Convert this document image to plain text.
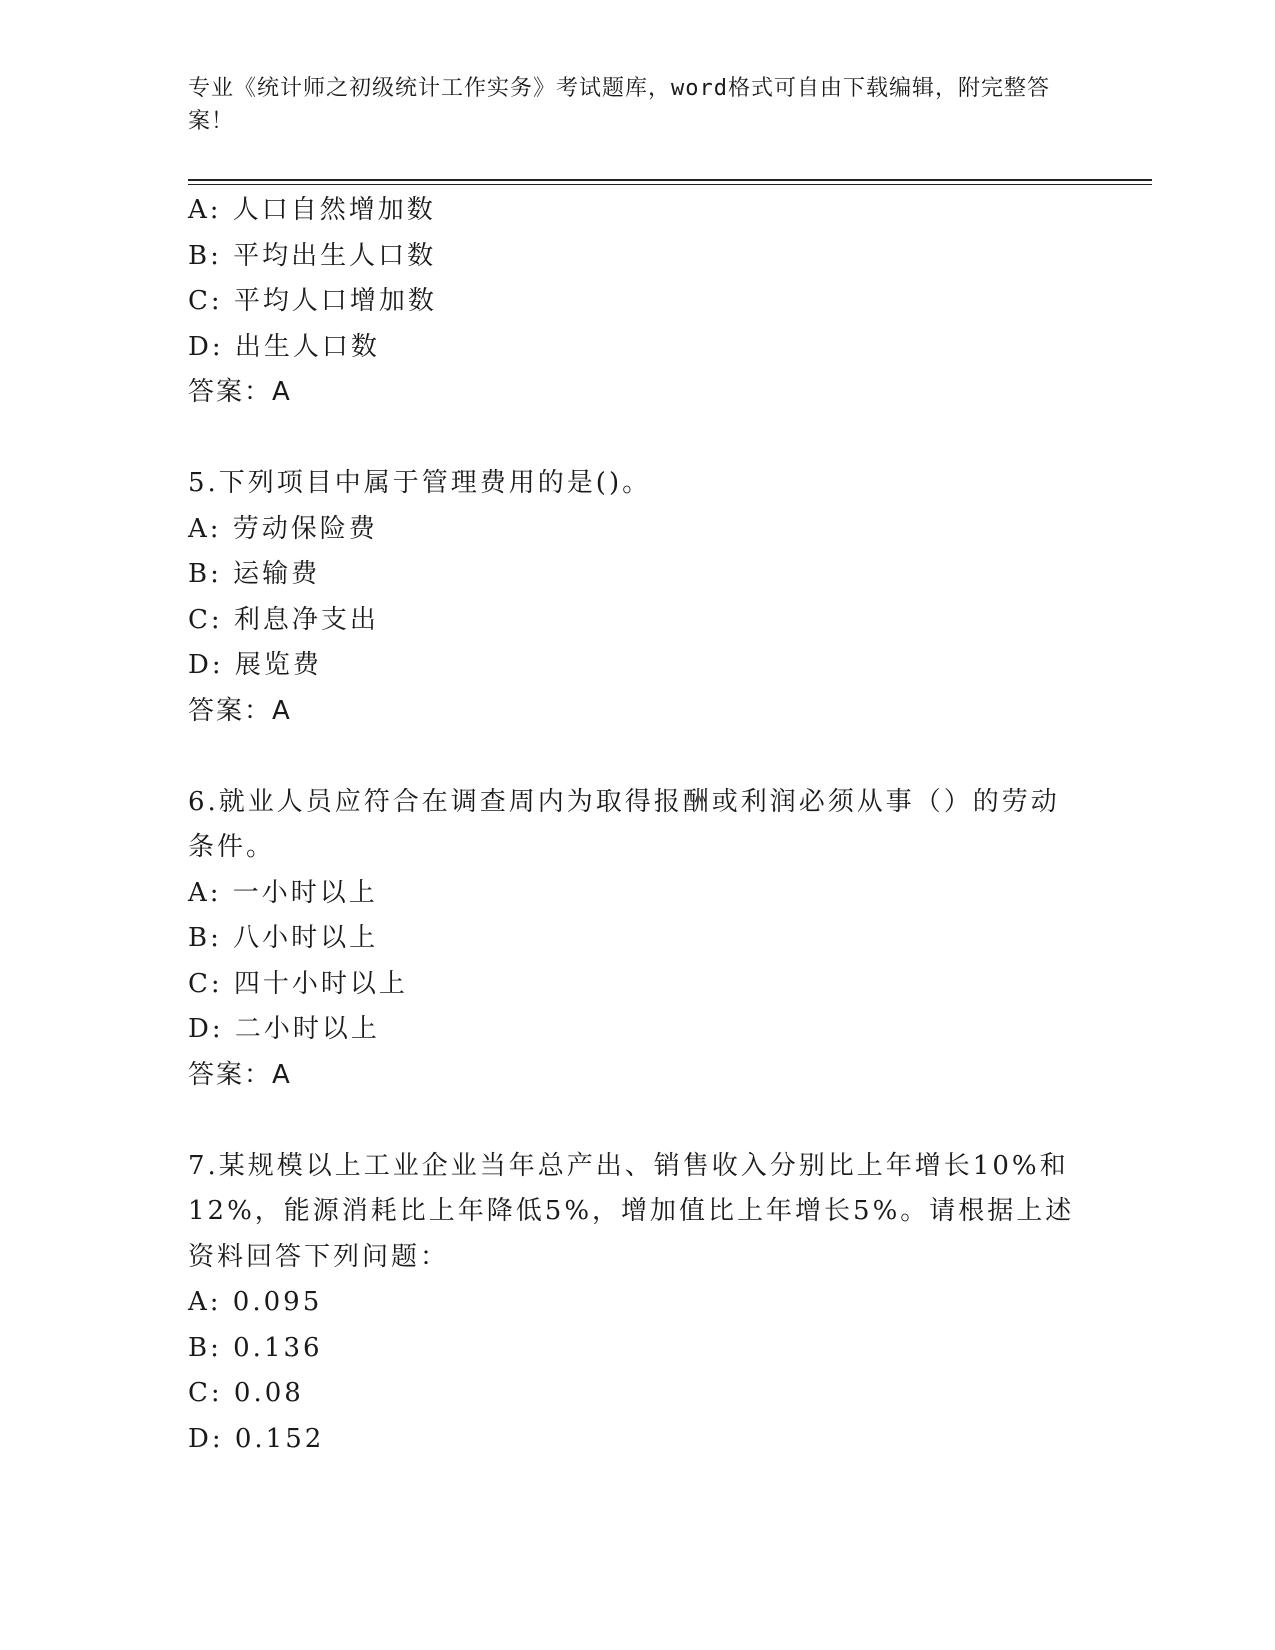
专业《统计师之初级统计工作实务》考试题库，word格式可自由下载编辑，附完整答案！
A: 人口自然增加数
B: 平均出生人口数
C: 平均人口增加数
D: 出生人口数
答案：A
5.下列项目中属于管理费用的是()。
A: 劳动保险费
B: 运输费
C: 利息净支出
D: 展览费
答案：A
6.就业人员应符合在调查周内为取得报酬或利润必须从事（）的劳动条件。
A: 一小时以上
B: 八小时以上
C: 四十小时以上
D: 二小时以上
答案：A
7.某规模以上工业企业当年总产出、销售收入分别比上年增长10%和12%，能源消耗比上年降低5%，增加值比上年增长5%。请根据上述资料回答下列问题：
A: 0.095
B: 0.136
C: 0.08
D: 0.152
